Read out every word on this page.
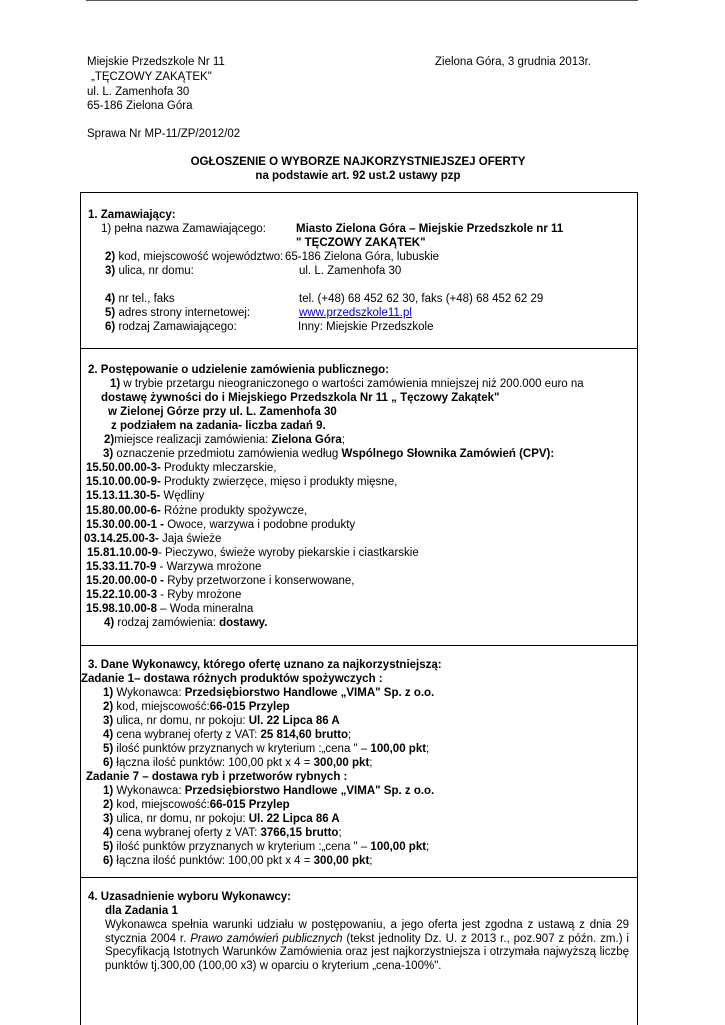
Miejskie Przedszkole Nr 11	Zielona Góra, 3 grudnia 2013r.
„TĘCZOWY ZAKĄTEK"
ul. L. Zamenhofa 30
65-186 Zielona Góra
Sprawa Nr MP-11/ZP/2012/02
OGŁOSZENIE O WYBORZE NAJKORZYSTNIEJSZEJ OFERTY
na podstawie art. 92 ust.2 ustawy pzp
1. Zamawiający:
1) pełna nazwa Zamawiającego:	Miasto Zielona Góra – Miejskie Przedszkole nr 11
" TĘCZOWY ZAKĄTEK"
2) kod, miejscowość województwo: 65-186 Zielona Góra, lubuskie
3) ulica, nr domu:	ul. L. Zamenhofa 30
4) nr tel., faks	tel. (+48) 68 452 62 30, faks (+48) 68 452 62 29
5) adres strony internetowej:	www.przedszkole11.pl
6) rodzaj Zamawiającego:	Inny: Miejskie Przedszkole
2. Postępowanie o udzielenie zamówienia publicznego:
1) w trybie przetargu nieograniczonego o wartości zamówienia mniejszej niż 200.000 euro na
dostawę żywności do i Miejskiego Przedszkola Nr 11 „ Tęczowy Zakątek"
w Zielonej Górze przy ul. L. Zamenhofa 30
z podziałem na zadania- liczba zadań 9.
2)miejsce realizacji zamówienia: Zielona Góra;
3) oznaczenie przedmiotu zamówienia według Wspólnego Słownika Zamówień (CPV):
15.50.00.00-3- Produkty mleczarskie,
15.10.00.00-9- Produkty zwierzęce, mięso i produkty mięsne,
15.13.11.30-5- Wędliny
15.80.00.00-6- Różne produkty spożywcze,
15.30.00.00-1 - Owoce, warzywa i podobne produkty
03.14.25.00-3- Jaja świeże
15.81.10.00-9- Pieczywo, świeże wyroby piekarskie i ciastkarskie
15.33.11.70-9 - Warzywa mrożone
15.20.00.00-0 - Ryby przetworzone i konserwowane,
15.22.10.00-3 - Ryby mrożone
15.98.10.00-8 – Woda mineralna
4) rodzaj zamówienia: dostawy.
3. Dane Wykonawcy, którego ofertę uznano za najkorzystniejszą:
Zadanie 1– dostawa różnych produktów spożywczych :
1) Wykonawca: Przedsiębiorstwo Handlowe „VIMA" Sp. z o.o.
2) kod, miejscowość:66-015 Przylep
3) ulica, nr domu, nr pokoju: Ul. 22 Lipca 86 A
4) cena wybranej oferty z VAT: 25 814,60 brutto;
5) ilość punktów przyznanych w kryterium :„cena " – 100,00 pkt;
6) łączna ilość punktów: 100,00 pkt x 4 = 300,00 pkt;
Zadanie 7 – dostawa ryb i przetworów rybnych :
1) Wykonawca: Przedsiębiorstwo Handlowe „VIMA" Sp. z o.o.
2) kod, miejscowość:66-015 Przylep
3) ulica, nr domu, nr pokoju: Ul. 22 Lipca 86 A
4) cena wybranej oferty z VAT: 3766,15 brutto;
5) ilość punktów przyznanych w kryterium :„cena " – 100,00 pkt;
6) łączna ilość punktów: 100,00 pkt x 4 = 300,00 pkt;
4. Uzasadnienie wyboru Wykonawcy:
dla Zadania 1
Wykonawca spełnia warunki udziału w postępowaniu, a jego oferta jest zgodna z ustawą z dnia 29 stycznia 2004 r. Prawo zamówień publicznych (tekst jednolity Dz. U. z 2013 r., poz.907 z późn. zm.) i Specyfikacją Istotnych Warunków Zamówienia oraz jest najkorzystniejsza i otrzymała najwyższą liczbę punktów tj.300,00 (100,00 x3) w oparciu o kryterium „cena-100%".
